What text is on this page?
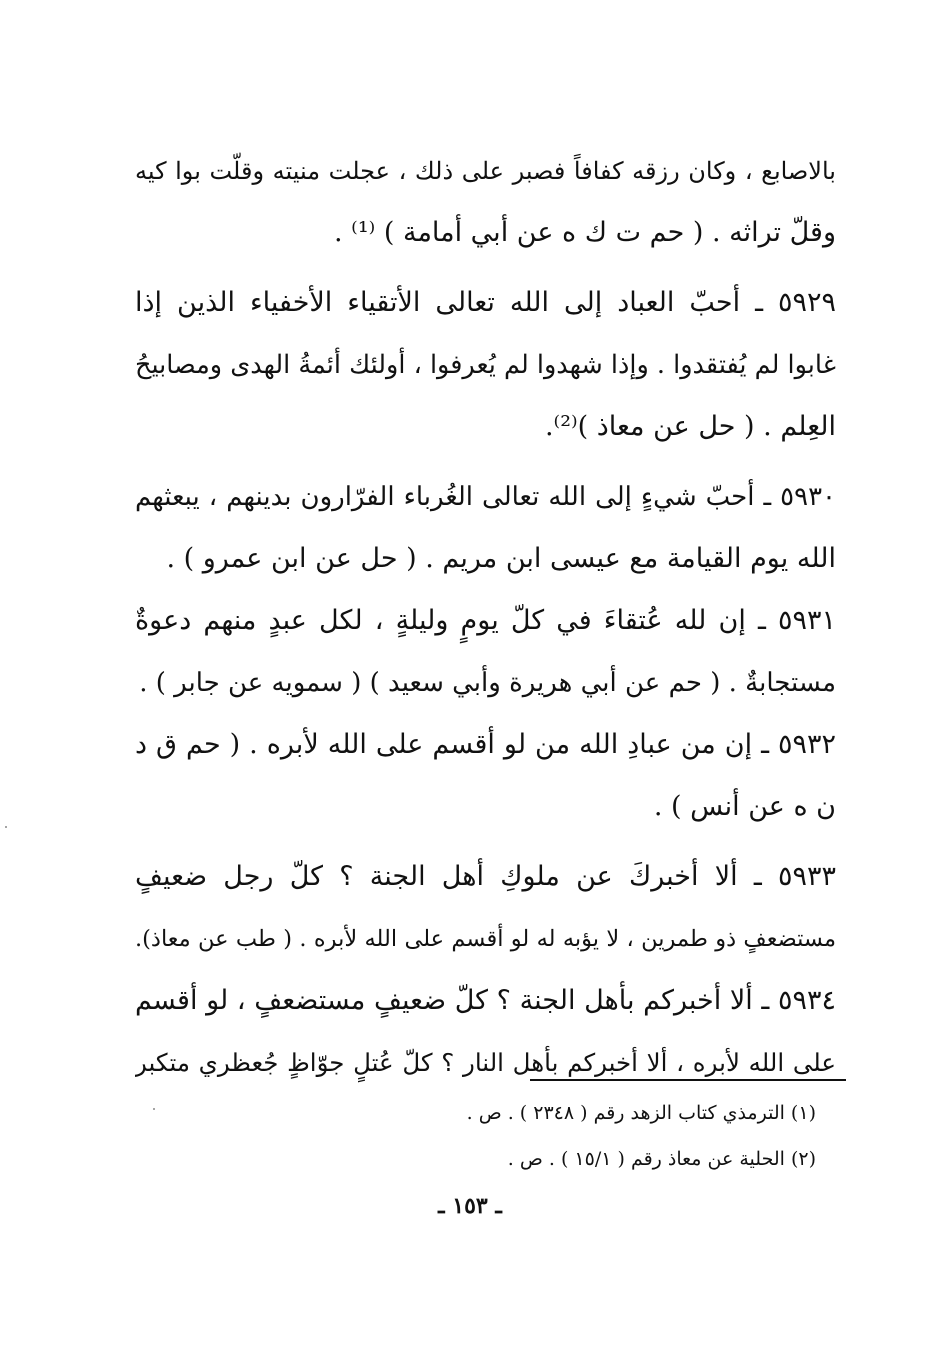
بالاصابع ، وكان رزقه كفافاً فصبر على ذلك ، عجلت منيته وقلّت بوا كيه
وقلّ تراثه . ( حم ت ك ه عن أبي أمامة ) ⁽¹⁾ .
٥٩٢٩ ـ أحبّ العباد إلى الله تعالى الأتقياء الأخفياء الذين إذا
غابوا لم يُفتقدوا . وإذا شهدوا لم يُعرفوا ، أولئك أئمةُ الهدى ومصابيحُ
العِلم . ( حل عن معاذ )⁽²⁾.
٥٩٣٠ ـ أحبّ شيءٍ إلى الله تعالى الغُرباء الفرّارون بدينهم ، يبعثهم
الله يوم القيامة مع عيسى ابن مريم . ( حل عن ابن عمرو ) .
٥٩٣١ ـ إن لله عُتقاءَ في كلّ يومٍ وليلةٍ ، لكل عبدٍ منهم دعوةٌ
مستجابةٌ . ( حم عن أبي هريرة وأبي سعيد ) ( سمويه عن جابر ) .
٥٩٣٢ ـ إن من عبادِ الله من لو أقسم على الله لأبره . ( حم ق د
ن ه عن أنس ) .
٥٩٣٣ ـ ألا أخبركَ عن ملوكِ أهل الجنة ؟ كلّ رجل ضعيفٍ
مستضعفٍ ذو طمرين ، لا يؤبه له لو أقسم على الله لأبره . ( طب عن معاذ).
٥٩٣٤ ـ ألا أخبركم بأهل الجنة ؟ كلّ ضعيفٍ مستضعفٍ ، لو أقسم
على الله لأبره ، ألا أخبركم بأهل النار ؟ كلّ عُتلٍ جوّاظٍ جُعظري متكبر
(١) الترمذي كتاب الزهد رقم ( ٢٣٤٨ ) . ص .
(٢) الحلية عن معاذ رقم ( ١٥/١ ) . ص .
ـ ١٥٣ ـ
